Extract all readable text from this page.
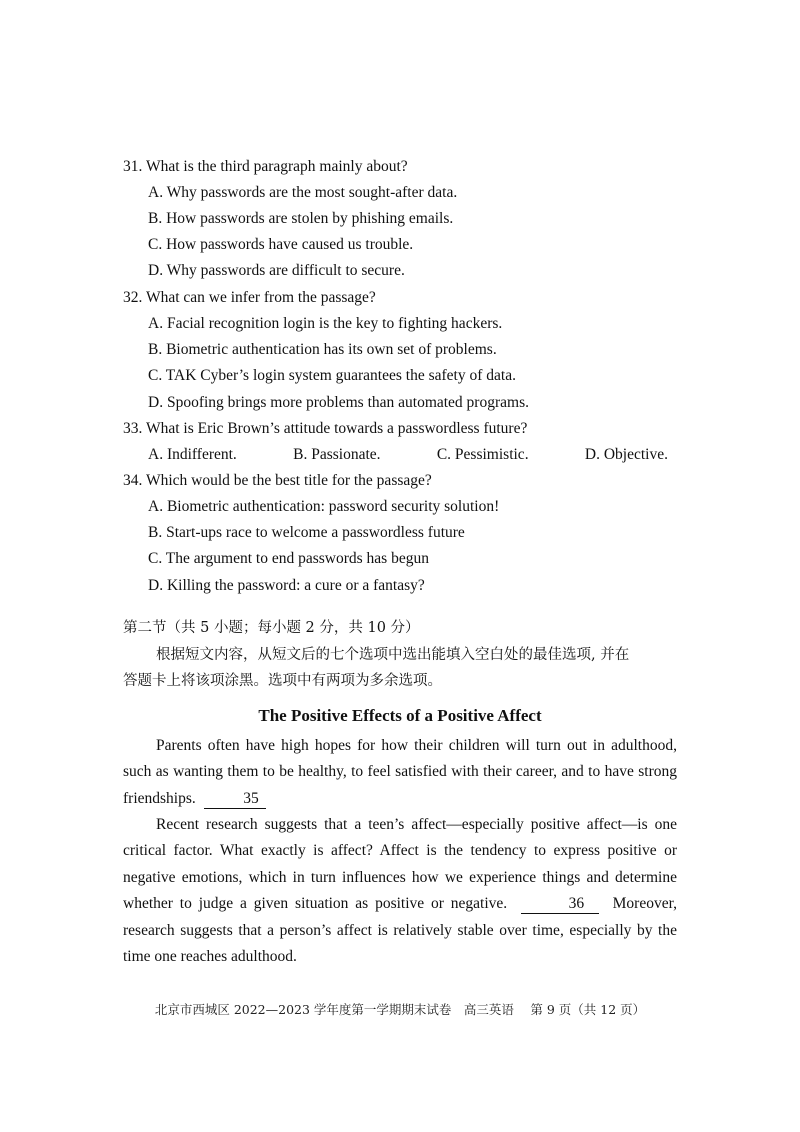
31. What is the third paragraph mainly about?
A. Why passwords are the most sought-after data.
B. How passwords are stolen by phishing emails.
C. How passwords have caused us trouble.
D. Why passwords are difficult to secure.
32. What can we infer from the passage?
A. Facial recognition login is the key to fighting hackers.
B. Biometric authentication has its own set of problems.
C. TAK Cyber’s login system guarantees the safety of data.
D. Spoofing brings more problems than automated programs.
33. What is Eric Brown’s attitude towards a passwordless future?
A. Indifferent.	B. Passionate.	C. Pessimistic.	D. Objective.
34. Which would be the best title for the passage?
A. Biometric authentication: password security solution!
B. Start-ups race to welcome a passwordless future
C. The argument to end passwords has begun
D. Killing the password: a cure or a fantasy?
第二节（共 5 小题；每小题 2 分，共 10 分）
根据短文内容，从短文后的七个选项中选出能填入空白处的最佳选项, 并在
答题卡上将该项涂黑。选项中有两项为多余选项。
The Positive Effects of a Positive Affect
Parents often have high hopes for how their children will turn out in adulthood, such as wanting them to be healthy, to feel satisfied with their career, and to have strong friendships.	35
Recent research suggests that a teen’s affect—especially positive affect—is one critical factor. What exactly is affect? Affect is the tendency to express positive or negative emotions, which in turn influences how we experience things and determine whether to judge a given situation as positive or negative.	36 Moreover, research suggests that a person’s affect is relatively stable over time, especially by the time one reaches adulthood.
北京市西城区 2022—2023 学年度第一学期期末试卷　高三英语　 第 9 页（共 12 页）
